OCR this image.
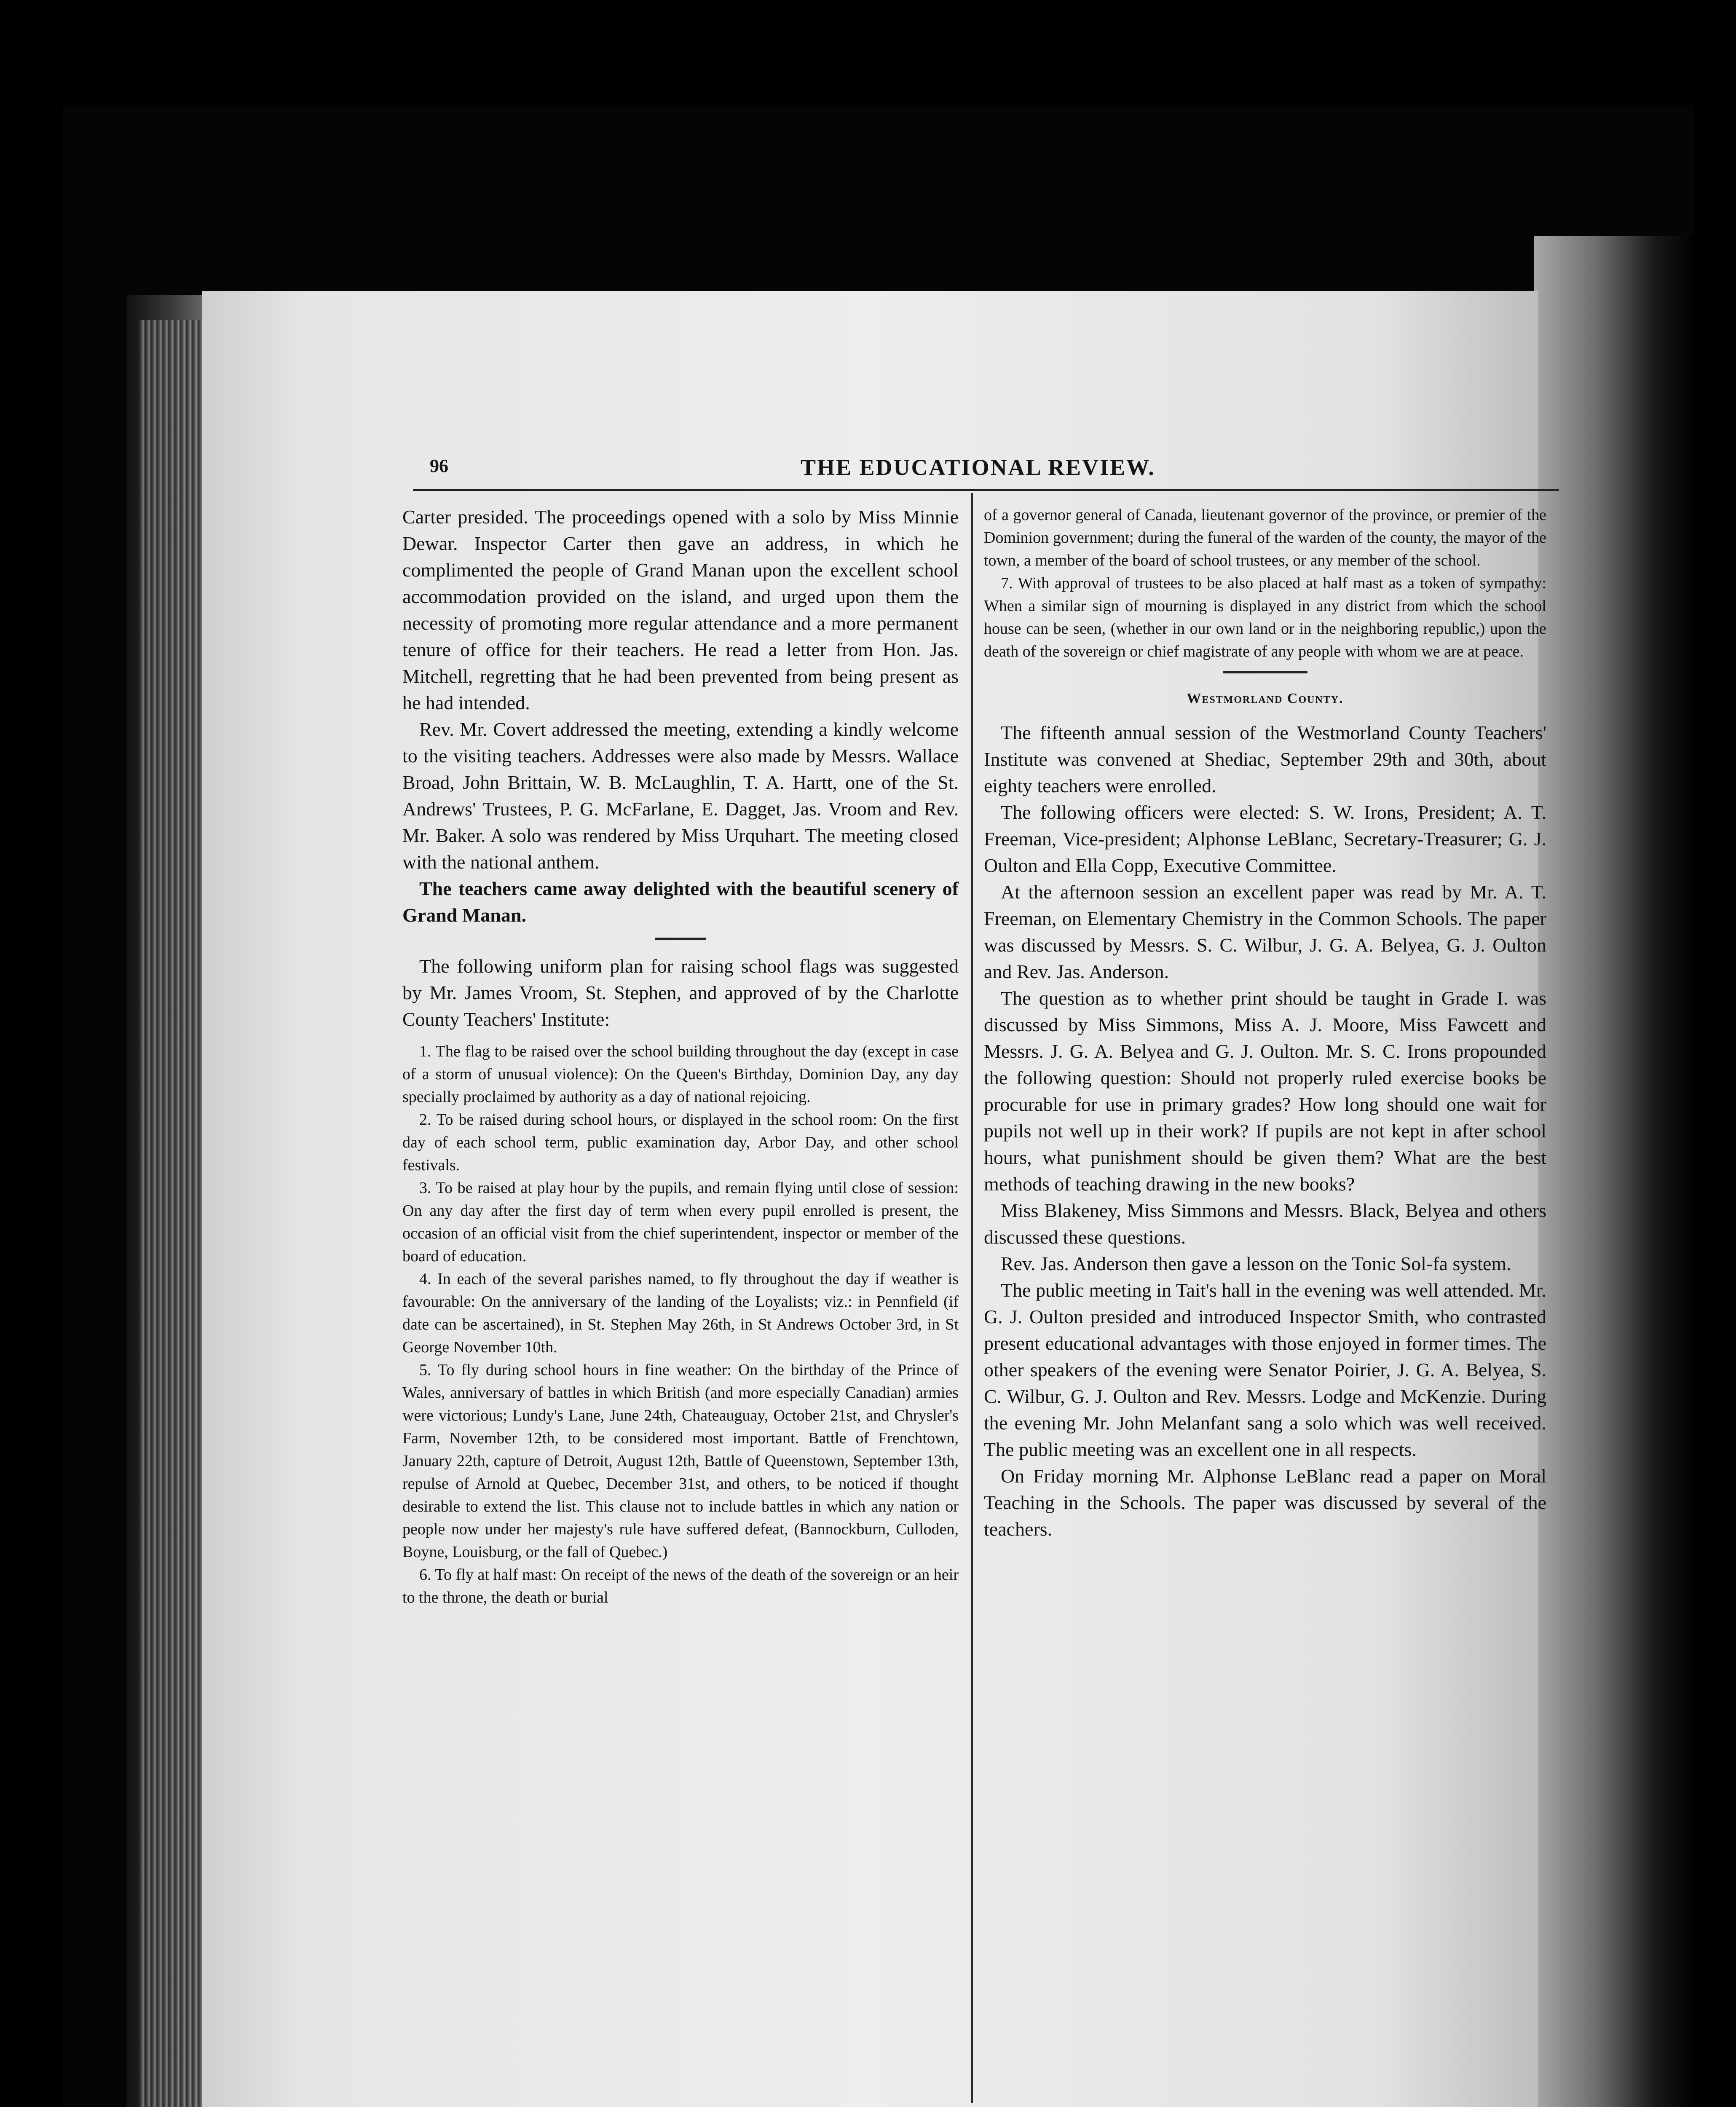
96	THE EDUCATIONAL REVIEW.

Carter presided. The proceedings opened with a solo by Miss Minnie Dewar. Inspector Carter then gave an address, in which he complimented the people of Grand Manan upon the excellent school accommodation provided on the island, and urged upon them the necessity of promoting more regular attendance and a more permanent tenure of office for their teachers. He read a letter from Hon. Jas. Mitchell, regretting that he had been prevented from being present as he had intended.

Rev. Mr. Covert addressed the meeting, extending a kindly welcome to the visiting teachers. Addresses were also made by Messrs. Wallace Broad, John Brittain, W. B. McLaughlin, T. A. Hartt, one of the St. Andrews' Trustees, P. G. McFarlane, E. Dagget, Jas. Vroom and Rev. Mr. Baker. A solo was rendered by Miss Urquhart. The meeting closed with the national anthem.

The teachers came away delighted with the beautiful scenery of Grand Manan.

The following uniform plan for raising school flags was suggested by Mr. James Vroom, St. Stephen, and approved of by the Charlotte County Teachers' Institute:

1. The flag to be raised over the school building throughout the day (except in case of a storm of unusual violence): On the Queen's Birthday, Dominion Day, any day specially proclaimed by authority as a day of national rejoicing.

2. To be raised during school hours, or displayed in the school room: On the first day of each school term, public examination day, Arbor Day, and other school festivals.

3. To be raised at play hour by the pupils, and remain flying until close of session: On any day after the first day of term when every pupil enrolled is present, the occasion of an official visit from the chief superintendent, inspector or member of the board of education.

4. In each of the several parishes named, to fly throughout the day if weather is favourable: On the anniversary of the landing of the Loyalists; viz.: in Pennfield (if date can be ascertained), in St. Stephen May 26th, in St Andrews October 3rd, in St George November 10th.

5. To fly during school hours in fine weather: On the birthday of the Prince of Wales, anniversary of battles in which British (and more especially Canadian) armies were victorious; Lundy's Lane, June 24th, Chateauguay, October 21st, and Chrysler's Farm, November 12th, to be considered most important. Battle of Frenchtown, January 22th, capture of Detroit, August 12th, Battle of Queenstown, September 13th, repulse of Arnold at Quebec, December 31st, and others, to be noticed if thought desirable to extend the list. This clause not to include battles in which any nation or people now under her majesty's rule have suffered defeat, (Bannockburn, Culloden, Boyne, Louisburg, or the fall of Quebec.)

6. To fly at half mast: On receipt of the news of the death of the sovereign or an heir to the throne, the death or burial

of a governor general of Canada, lieutenant governor of the province, or premier of the Dominion government; during the funeral of the warden of the county, the mayor of the town, a member of the board of school trustees, or any member of the school.

7. With approval of trustees to be also placed at half mast as a token of sympathy: When a similar sign of mourning is displayed in any district from which the school house can be seen, (whether in our own land or in the neighboring republic,) upon the death of the sovereign or chief magistrate of any people with whom we are at peace.

Westmorland County.

The fifteenth annual session of the Westmorland County Teachers' Institute was convened at Shediac, September 29th and 30th, about eighty teachers were enrolled.

The following officers were elected: S. W. Irons, President; A. T. Freeman, Vice-president; Alphonse LeBlanc, Secretary-Treasurer; G. J. Oulton and Ella Copp, Executive Committee.

At the afternoon session an excellent paper was read by Mr. A. T. Freeman, on Elementary Chemistry in the Common Schools. The paper was discussed by Messrs. S. C. Wilbur, J. G. A. Belyea, G. J. Oulton and Rev. Jas. Anderson.

The question as to whether print should be taught in Grade I. was discussed by Miss Simmons, Miss A. J. Moore, Miss Fawcett and Messrs. J. G. A. Belyea and G. J. Oulton. Mr. S. C. Irons propounded the following question: Should not properly ruled exercise books be procurable for use in primary grades? How long should one wait for pupils not well up in their work? If pupils are not kept in after school hours, what punishment should be given them? What are the best methods of teaching drawing in the new books?

Miss Blakeney, Miss Simmons and Messrs. Black, Belyea and others discussed these questions.

Rev. Jas. Anderson then gave a lesson on the Tonic Sol-fa system.

The public meeting in Tait's hall in the evening was well attended. Mr. G. J. Oulton presided and introduced Inspector Smith, who contrasted present educational advantages with those enjoyed in former times. The other speakers of the evening were Senator Poirier, J. G. A. Belyea, S. C. Wilbur, G. J. Oulton and Rev. Messrs. Lodge and McKenzie. During the evening Mr. John Melanfant sang a solo which was well received. The public meeting was an excellent one in all respects.

On Friday morning Mr. Alphonse LeBlanc read a paper on Moral Teaching in the Schools. The paper was discussed by several of the teachers.
